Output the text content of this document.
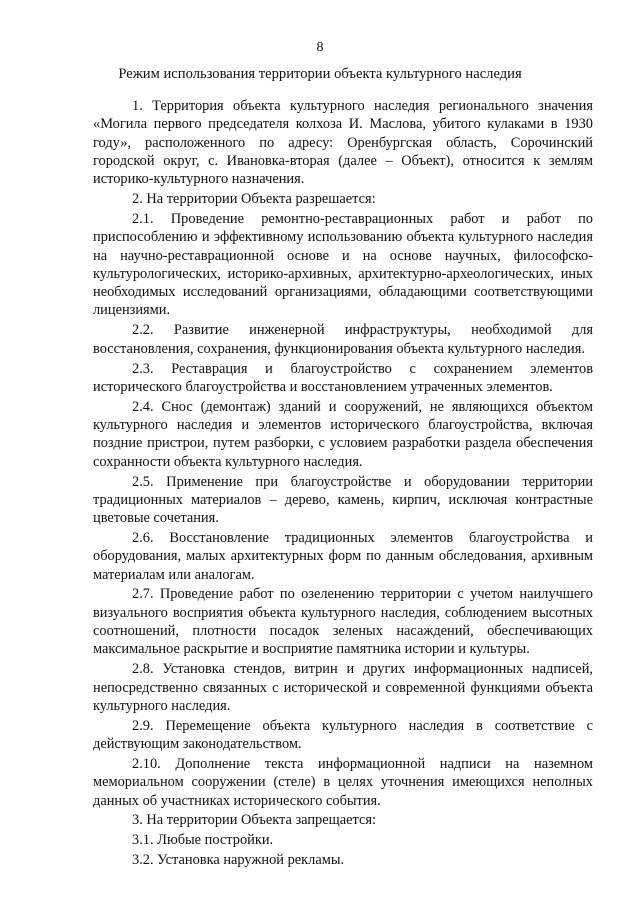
8
Режим использования территории объекта культурного наследия

1. Территория объекта культурного наследия регионального значения «Могила первого председателя колхоза И. Маслова, убитого кулаками в 1930 году», расположенного по адресу: Оренбургская область, Сорочинский городской округ, с. Ивановка-вторая (далее – Объект), относится к землям историко-культурного назначения.

2. На территории Объекта разрешается:

2.1. Проведение ремонтно-реставрационных работ и работ по приспособлению и эффективному использованию объекта культурного наследия на научно-реставрационной основе и на основе научных, философско-культурологических, историко-архивных, архитектурно-археологических, иных необходимых исследований организациями, обладающими соответствующими лицензиями.

2.2. Развитие инженерной инфраструктуры, необходимой для восстановления, сохранения, функционирования объекта культурного наследия.

2.3. Реставрация и благоустройство с сохранением элементов исторического благоустройства и восстановлением утраченных элементов.

2.4. Снос (демонтаж) зданий и сооружений, не являющихся объектом культурного наследия и элементов исторического благоустройства, включая поздние пристрои, путем разборки, с условием разработки раздела обеспечения сохранности объекта культурного наследия.

2.5. Применение при благоустройстве и оборудовании территории традиционных материалов – дерево, камень, кирпич, исключая контрастные цветовые сочетания.

2.6. Восстановление традиционных элементов благоустройства и оборудования, малых архитектурных форм по данным обследования, архивным материалам или аналогам.

2.7. Проведение работ по озеленению территории с учетом наилучшего визуального восприятия объекта культурного наследия, соблюдением высотных соотношений, плотности посадок зеленых насаждений, обеспечивающих максимальное раскрытие и восприятие памятника истории и культуры.

2.8. Установка стендов, витрин и других информационных надписей, непосредственно связанных с исторической и современной функциями объекта культурного наследия.

2.9. Перемещение объекта культурного наследия в соответствие с действующим законодательством.

2.10. Дополнение текста информационной надписи на наземном мемориальном сооружении (стеле) в целях уточнения имеющихся неполных данных об участниках исторического события.

3. На территории Объекта запрещается:

3.1. Любые постройки.

3.2. Установка наружной рекламы.
